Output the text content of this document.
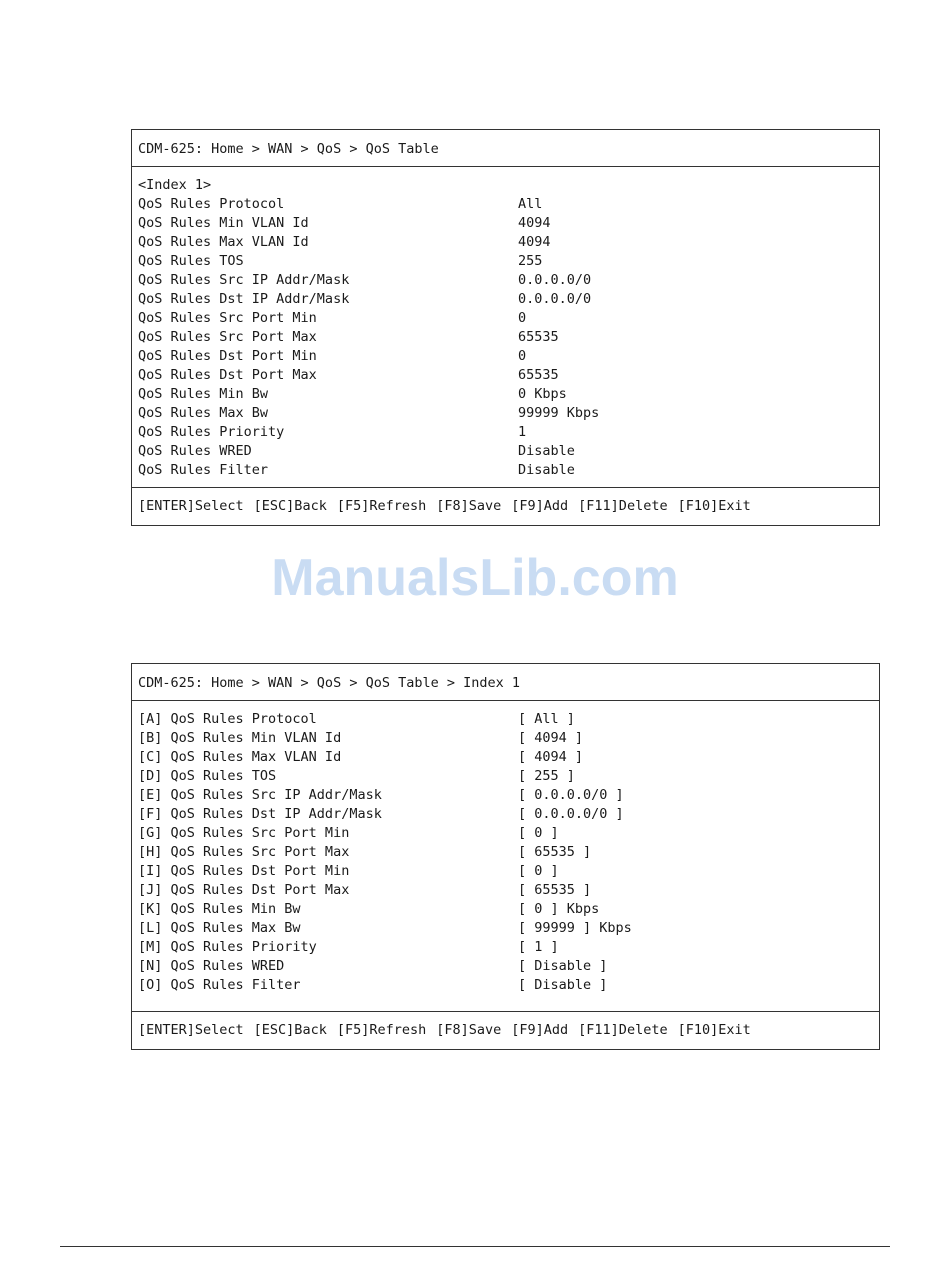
CDM-625: Home > WAN > QoS > QoS Table
<Index 1>
QoS Rules Protocol	All
QoS Rules Min VLAN Id	4094
QoS Rules Max VLAN Id	4094
QoS Rules TOS	255
QoS Rules Src IP Addr/Mask	0.0.0.0/0
QoS Rules Dst IP Addr/Mask	0.0.0.0/0
QoS Rules Src Port Min	0
QoS Rules Src Port Max	65535
QoS Rules Dst Port Min	0
QoS Rules Dst Port Max	65535
QoS Rules Min Bw	0 Kbps
QoS Rules Max Bw	99999 Kbps
QoS Rules Priority	1
QoS Rules WRED	Disable
QoS Rules Filter	Disable
[ENTER]Select [ESC]Back [F5]Refresh [F8]Save [F9]Add [F11]Delete [F10]Exit
ManualsLib.com
CDM-625: Home > WAN > QoS > QoS Table > Index 1
[A] QoS Rules Protocol	[ All ]
[B] QoS Rules Min VLAN Id	[ 4094 ]
[C] QoS Rules Max VLAN Id	[ 4094 ]
[D] QoS Rules TOS	[ 255 ]
[E] QoS Rules Src IP Addr/Mask	[ 0.0.0.0/0 ]
[F] QoS Rules Dst IP Addr/Mask	[ 0.0.0.0/0 ]
[G] QoS Rules Src Port Min	[ 0 ]
[H] QoS Rules Src Port Max	[ 65535 ]
[I] QoS Rules Dst Port Min	[ 0 ]
[J] QoS Rules Dst Port Max	[ 65535 ]
[K] QoS Rules Min Bw	[ 0 ] Kbps
[L] QoS Rules Max Bw	[ 99999 ] Kbps
[M] QoS Rules Priority	[ 1 ]
[N] QoS Rules WRED	[ Disable ]
[O] QoS Rules Filter	[ Disable ]
[ENTER]Select [ESC]Back [F5]Refresh [F8]Save [F9]Add [F11]Delete [F10]Exit
